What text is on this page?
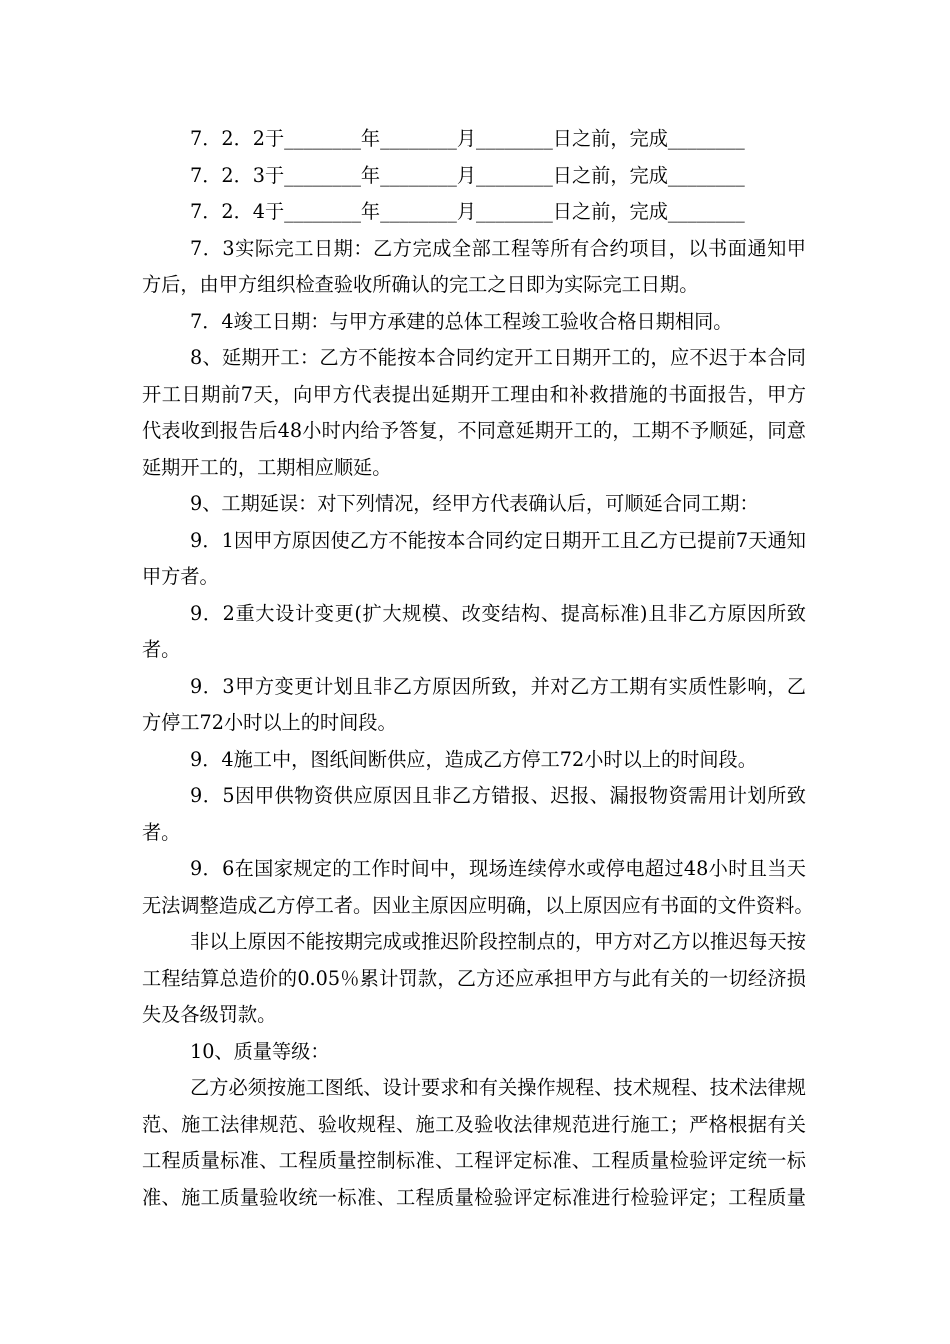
7．2．2于________年________月________日之前，完成________
7．2．3于________年________月________日之前，完成________
7．2．4于________年________月________日之前，完成________
7．3实际完工日期：乙方完成全部工程等所有合约项目，以书面通知甲
方后，由甲方组织检查验收所确认的完工之日即为实际完工日期。
7．4竣工日期：与甲方承建的总体工程竣工验收合格日期相同。
8、延期开工：乙方不能按本合同约定开工日期开工的，应不迟于本合同
开工日期前7天，向甲方代表提出延期开工理由和补救措施的书面报告，甲方
代表收到报告后48小时内给予答复，不同意延期开工的，工期不予顺延，同意
延期开工的，工期相应顺延。
9、工期延误：对下列情况，经甲方代表确认后，可顺延合同工期：
9．1因甲方原因使乙方不能按本合同约定日期开工且乙方已提前7天通知
甲方者。
9．2重大设计变更(扩大规模、改变结构、提高标准)且非乙方原因所致
者。
9．3甲方变更计划且非乙方原因所致，并对乙方工期有实质性影响，乙
方停工72小时以上的时间段。
9．4施工中，图纸间断供应，造成乙方停工72小时以上的时间段。
9．5因甲供物资供应原因且非乙方错报、迟报、漏报物资需用计划所致
者。
9．6在国家规定的工作时间中，现场连续停水或停电超过48小时且当天
无法调整造成乙方停工者。因业主原因应明确，以上原因应有书面的文件资料。
非以上原因不能按期完成或推迟阶段控制点的，甲方对乙方以推迟每天按
工程结算总造价的0.05％累计罚款，乙方还应承担甲方与此有关的一切经济损
失及各级罚款。
10、质量等级：
乙方必须按施工图纸、设计要求和有关操作规程、技术规程、技术法律规
范、施工法律规范、验收规程、施工及验收法律规范进行施工；严格根据有关
工程质量标准、工程质量控制标准、工程评定标准、工程质量检验评定统一标
准、施工质量验收统一标准、工程质量检验评定标准进行检验评定；工程质量
